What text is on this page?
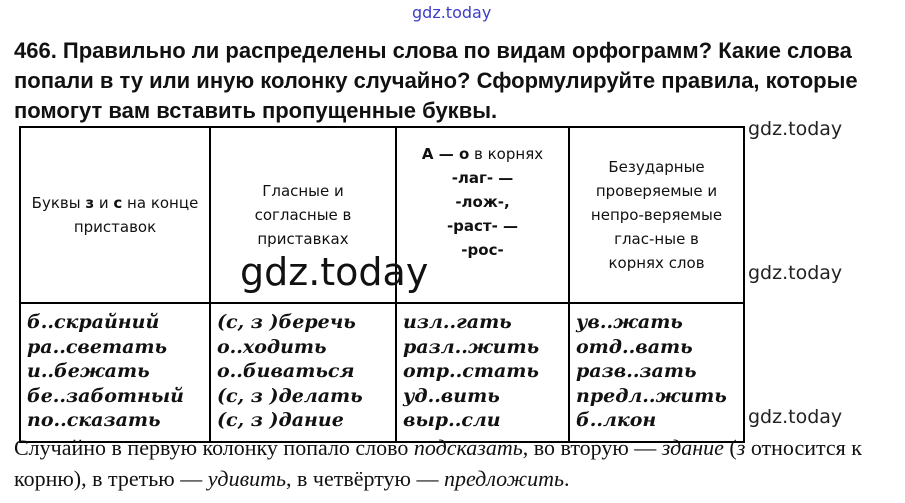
gdz.today
466. Правильно ли распределены слова по видам орфограмм? Какие слова попали в ту или иную колонку случайно? Сформулируйте правила, которые помогут вам вставить пропущенные буквы.
Буквы з и с на конце приставок	Гласные и согласные в приставках	А — о в корнях
-лаг- —
-лож-,
-раст- —
-рос-	Безударные проверяемые и непро-веряемые глас-ные в корнях слов

б..скрайний
ра..светать
и..бежать
бе..заботный
по..сказать	(с, з )беречь
о..ходить
о..биваться
(с, з )делать
(с, з )дание	изл..гать
разл..жить
отр..стать
уд..вить
выр..сли	ув..жать
отд..вать
разв..зать
предл..жить
б..лкон
gdz.today
gdz.today
gdz.today
gdz.today
Случайно в первую колонку попало слово подсказать, во вторую — здание (з относится к корню), в третью — удивить, в четвёртую — предложить.
